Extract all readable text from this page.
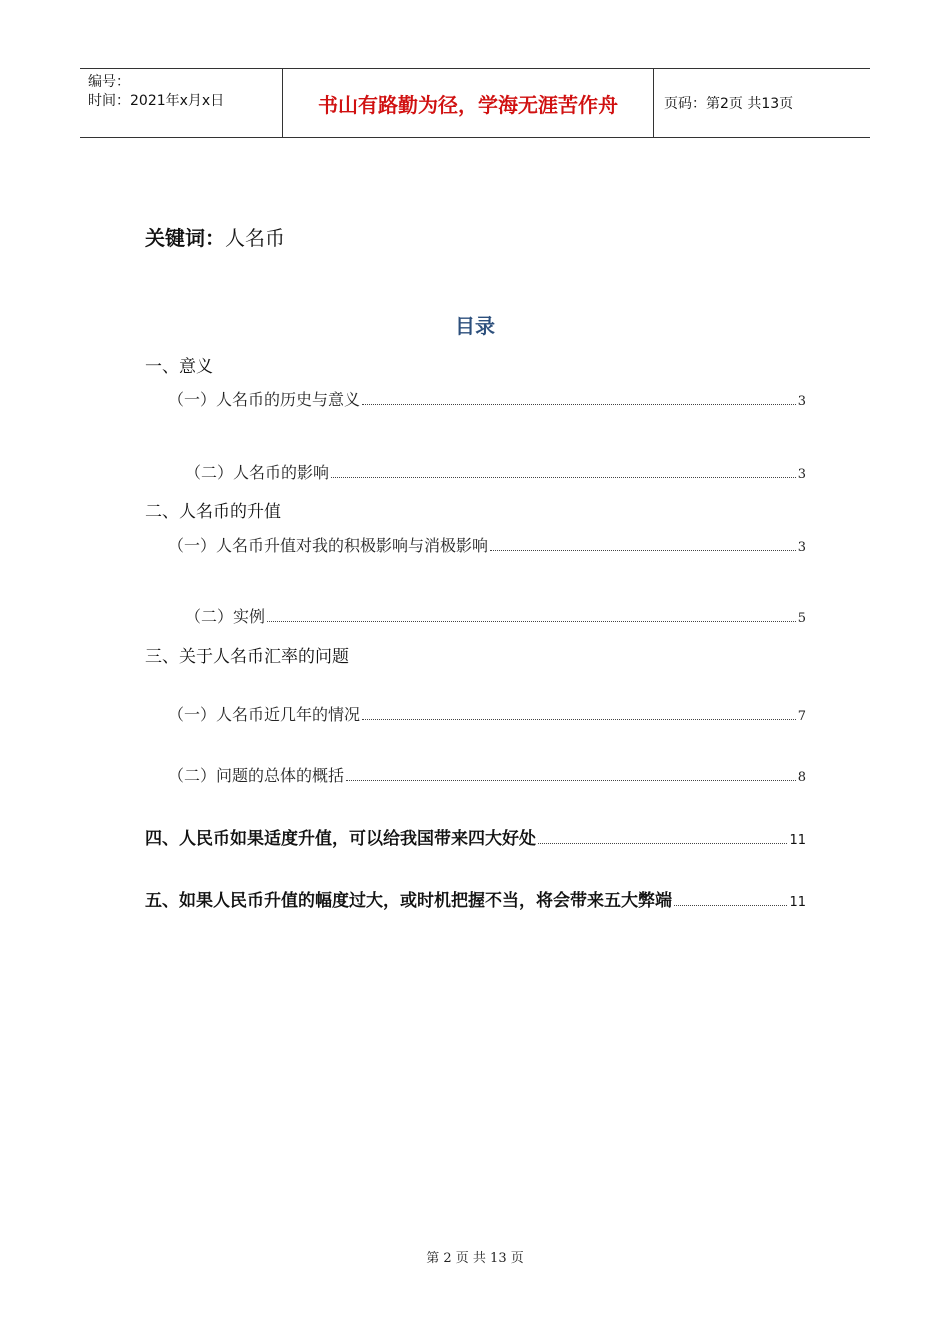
编号：
时间：2021年x月x日	书山有路勤为径，学海无涯苦作舟	页码：第2页 共13页
关键词：人名币
目录
一、意义
（一）人名币的历史与意义	3
（二）人名币的影响	3
二、人名币的升值
（一）人名币升值对我的积极影响与消极影响	3
（二）实例	5
三、关于人名币汇率的问题
（一）人名币近几年的情况	7
（二）问题的总体的概括	8
四、人民币如果适度升值，可以给我国带来四大好处	11
五、如果人民币升值的幅度过大，或时机把握不当，将会带来五大弊端	11
第 2 页 共 13 页
